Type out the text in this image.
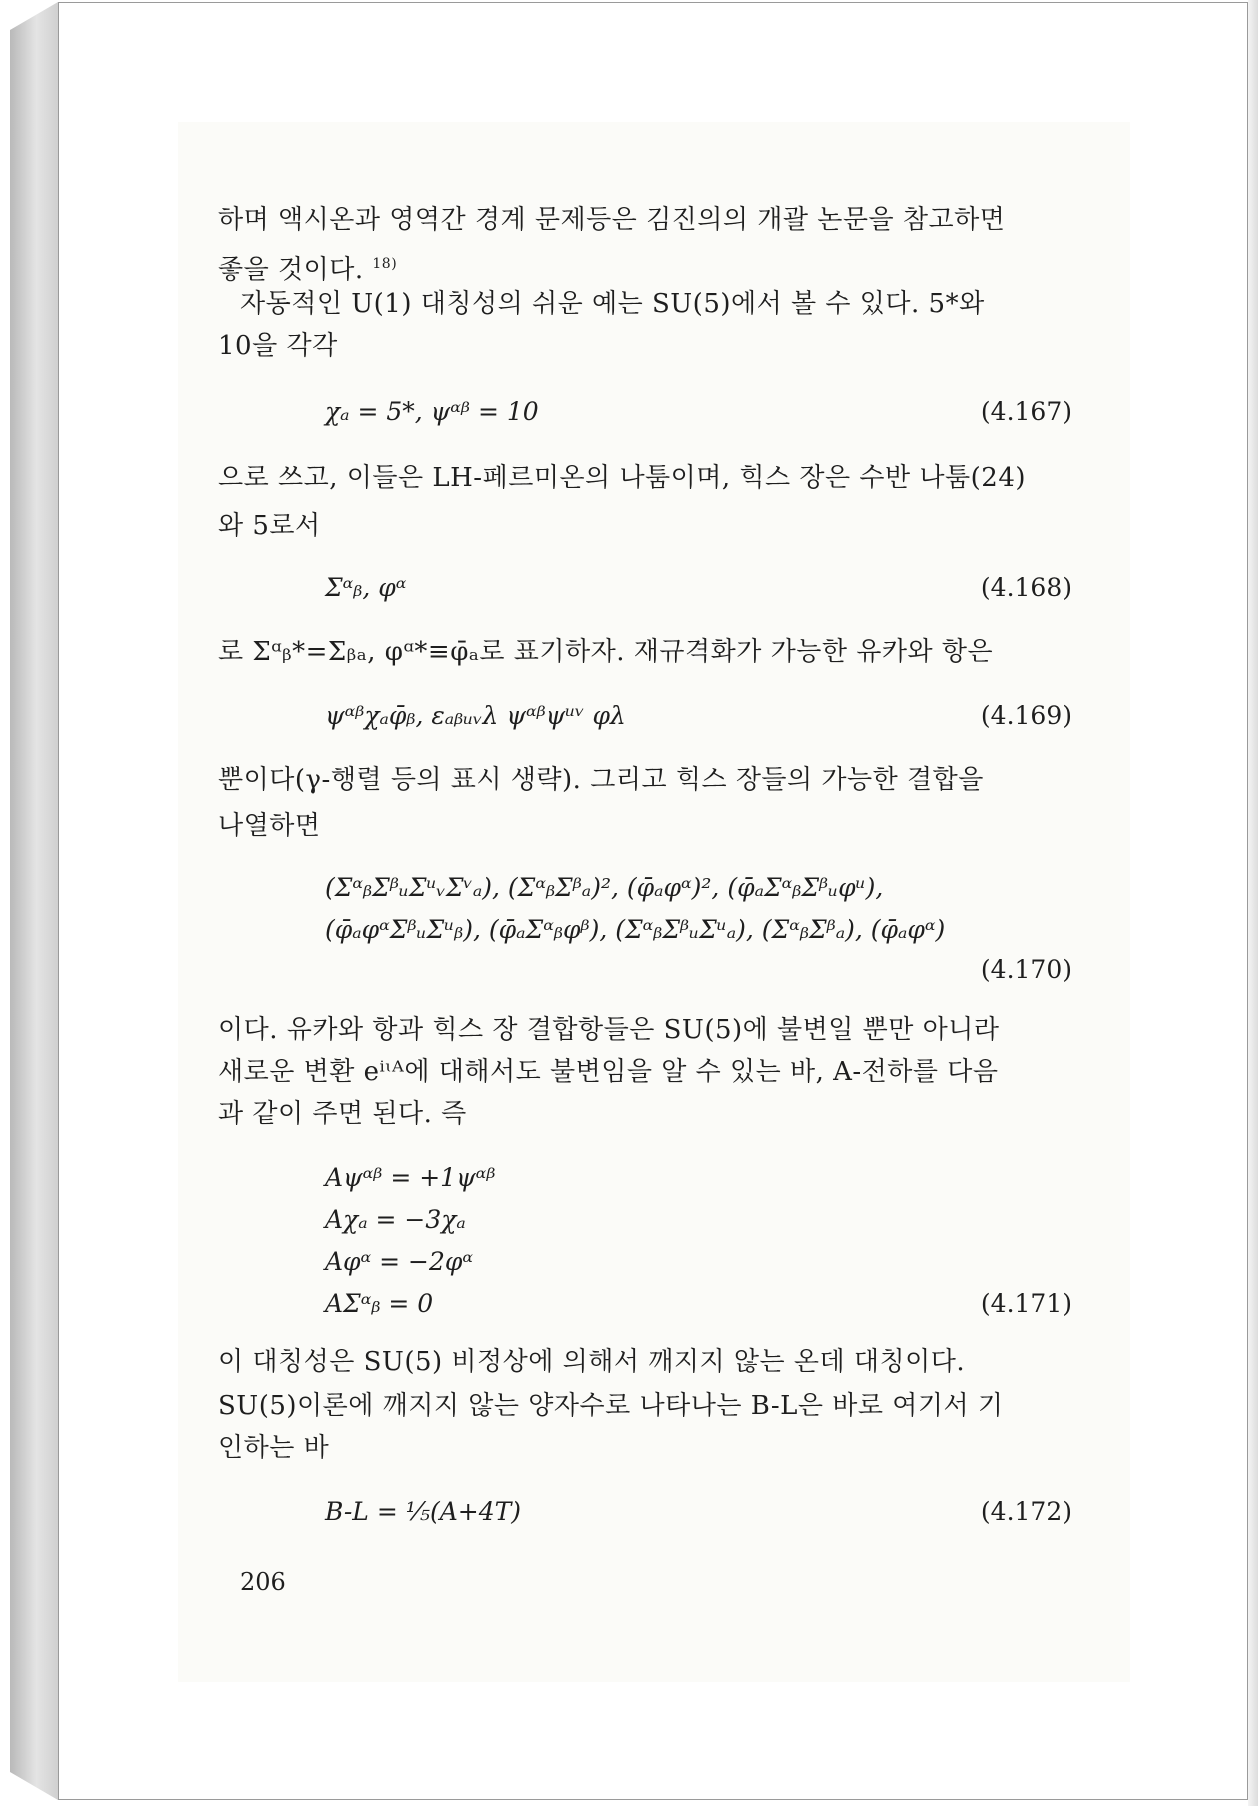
하며 액시온과 영역간 경계 문제등은 김진의의 개괄 논문을 참고하면
좋을 것이다. $^{18)}$
자동적인 U(1) 대칭성의 쉬운 예는 SU(5)에서 볼 수 있다. 5*와
10을 각각
χₐ = 5*, ψᵅᵝ = 10	(4.167)
으로 쓰고, 이들은 LH-페르미온의 나툼이며, 힉스 장은 수반 나툼(24)
와 5로서
Σᵅᵦ, φᵅ	(4.168)
로 Σᵅᵦ*=Σᵦₐ, φᵅ*≡φ̄ₐ로 표기하자. 재규격화가 가능한 유카와 항은
ψᵅᵝχₐφ̄ᵦ, εₐᵦᵤᵥλ ψᵅᵝψᵘᵛ φλ	(4.169)
뿐이다(γ-행렬 등의 표시 생략). 그리고 힉스 장들의 가능한 결합을
나열하면
(ΣᵅᵦΣᵝᵤΣᵘᵥΣᵛₐ), (ΣᵅᵦΣᵝₐ)², (φ̄ₐφᵅ)², (φ̄ₐΣᵅᵦΣᵝᵤφᵘ),
(φ̄ₐφᵅΣᵝᵤΣᵘᵦ), (φ̄ₐΣᵅᵦφᵝ), (ΣᵅᵦΣᵝᵤΣᵘₐ), (ΣᵅᵦΣᵝₐ), (φ̄ₐφᵅ)
(4.170)
이다. 유카와 항과 힉스 장 결합항들은 SU(5)에 불변일 뿐만 아니라
새로운 변환 eⁱᶥᴬ에 대해서도 불변임을 알 수 있는 바, A-전하를 다음
과 같이 주면 된다. 즉
Aψᵅᵝ = +1ψᵅᵝ
Aχₐ = −3χₐ
Aφᵅ = −2φᵅ
AΣᵅᵦ = 0	(4.171)
이 대칭성은 SU(5) 비정상에 의해서 깨지지 않는 온데 대칭이다.
SU(5)이론에 깨지지 않는 양자수로 나타나는 B-L은 바로 여기서 기
인하는 바
B-L = ⅕(A+4T)	(4.172)
206
